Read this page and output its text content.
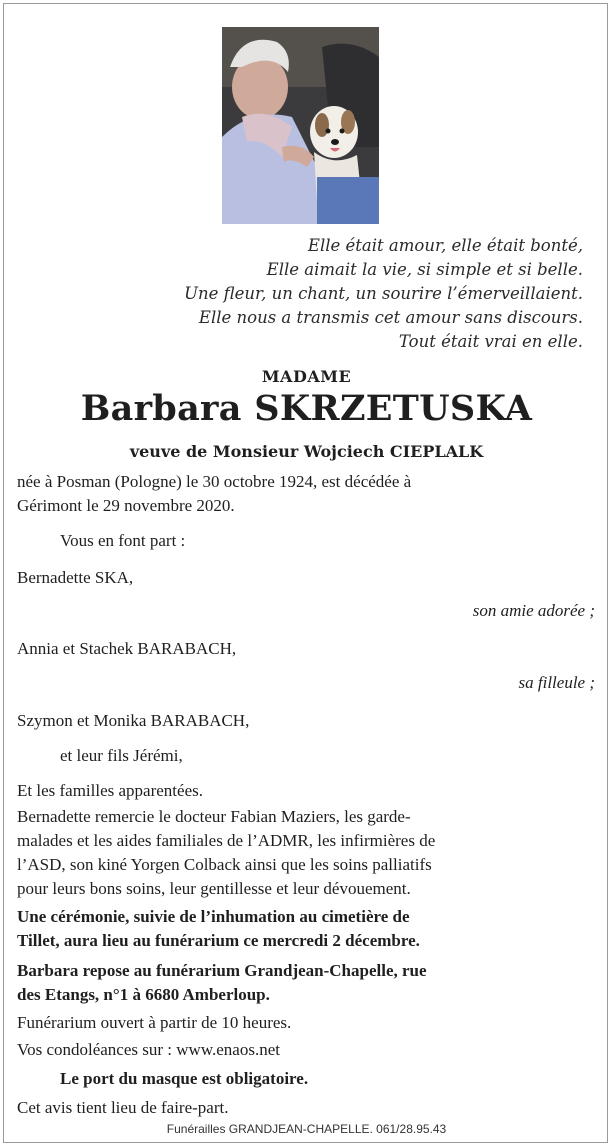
Elle était amour, elle était bonté,
Elle aimait la vie, si simple et si belle.
Une fleur, un chant, un sourire l’émerveillaient.
Elle nous a transmis cet amour sans discours.
Tout était vrai en elle.
MADAME
Barbara SKRZETUSKA
veuve de Monsieur Wojciech CIEPLALK
née à Posman (Pologne) le 30 octobre 1924, est décédée à
Gérimont le 29 novembre 2020.
Vous en font part :
Bernadette SKA,
son amie adorée ;
Annia et Stachek BARABACH,
sa filleule ;
Szymon et Monika BARABACH,
et leur fils Jérémi,
Et les familles apparentées.
Bernadette remercie le docteur Fabian Maziers, les garde-
malades et les aides familiales de l’ADMR, les infirmières de
l’ASD, son kiné Yorgen Colback ainsi que les soins palliatifs
pour leurs bons soins, leur gentillesse et leur dévouement.
Une cérémonie, suivie de l’inhumation au cimetière de
Tillet, aura lieu au funérarium ce mercredi 2 décembre.
Barbara repose au funérarium Grandjean-Chapelle, rue
des Etangs, n°1 à 6680 Amberloup.
Funérarium ouvert à partir de 10 heures.
Vos condoléances sur : www.enaos.net
Le port du masque est obligatoire.
Cet avis tient lieu de faire-part.
Funérailles GRANDJEAN-CHAPELLE. 061/28.95.43
